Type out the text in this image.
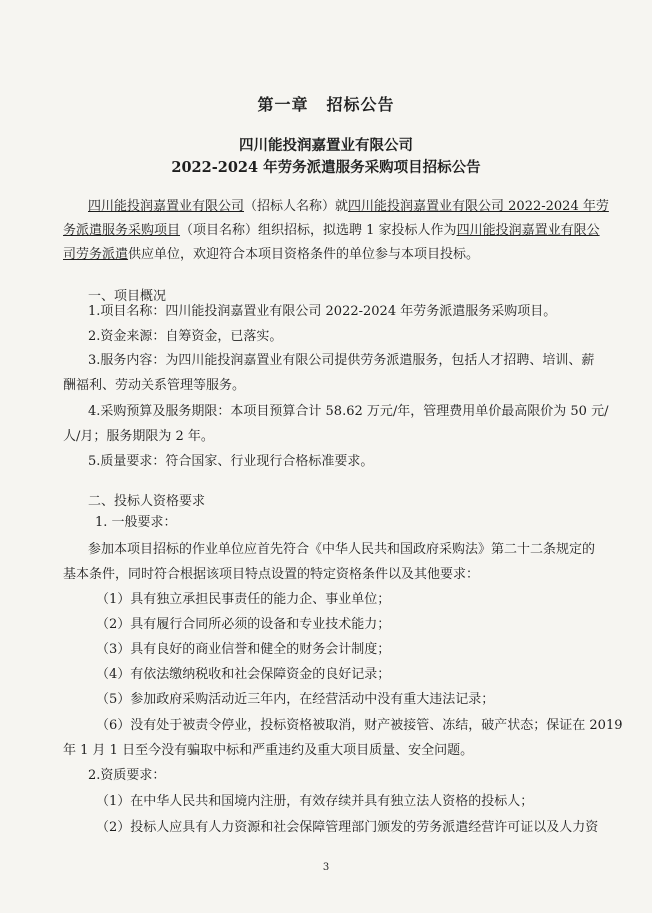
第一章 招标公告
四川能投润嘉置业有限公司
2022-2024 年劳务派遣服务采购项目招标公告
四川能投润嘉置业有限公司（招标人名称）就四川能投润嘉置业有限公司 2022-2024 年劳
务派遣服务采购项目（项目名称）组织招标，拟选聘 1 家投标人作为四川能投润嘉置业有限公
司劳务派遣供应单位，欢迎符合本项目资格条件的单位参与本项目投标。
一、项目概况
1.项目名称：四川能投润嘉置业有限公司 2022-2024 年劳务派遣服务采购项目。
2.资金来源：自筹资金，已落实。
3.服务内容：为四川能投润嘉置业有限公司提供劳务派遣服务，包括人才招聘、培训、薪
酬福利、劳动关系管理等服务。
4.采购预算及服务期限：本项目预算合计 58.62 万元/年，管理费用单价最高限价为 50 元/
人/月；服务期限为 2 年。
5.质量要求：符合国家、行业现行合格标准要求。
二、投标人资格要求
1. 一般要求：
参加本项目招标的作业单位应首先符合《中华人民共和国政府采购法》第二十二条规定的
基本条件，同时符合根据该项目特点设置的特定资格条件以及其他要求：
（1）具有独立承担民事责任的能力企、事业单位；
（2）具有履行合同所必须的设备和专业技术能力；
（3）具有良好的商业信誉和健全的财务会计制度；
（4）有依法缴纳税收和社会保障资金的良好记录；
（5）参加政府采购活动近三年内，在经营活动中没有重大违法记录；
（6）没有处于被责令停业，投标资格被取消，财产被接管、冻结，破产状态；保证在 2019
年 1 月 1 日至今没有骗取中标和严重违约及重大项目质量、安全问题。
2.资质要求：
（1）在中华人民共和国境内注册，有效存续并具有独立法人资格的投标人；
（2）投标人应具有人力资源和社会保障管理部门颁发的劳务派遣经营许可证以及人力资
3
